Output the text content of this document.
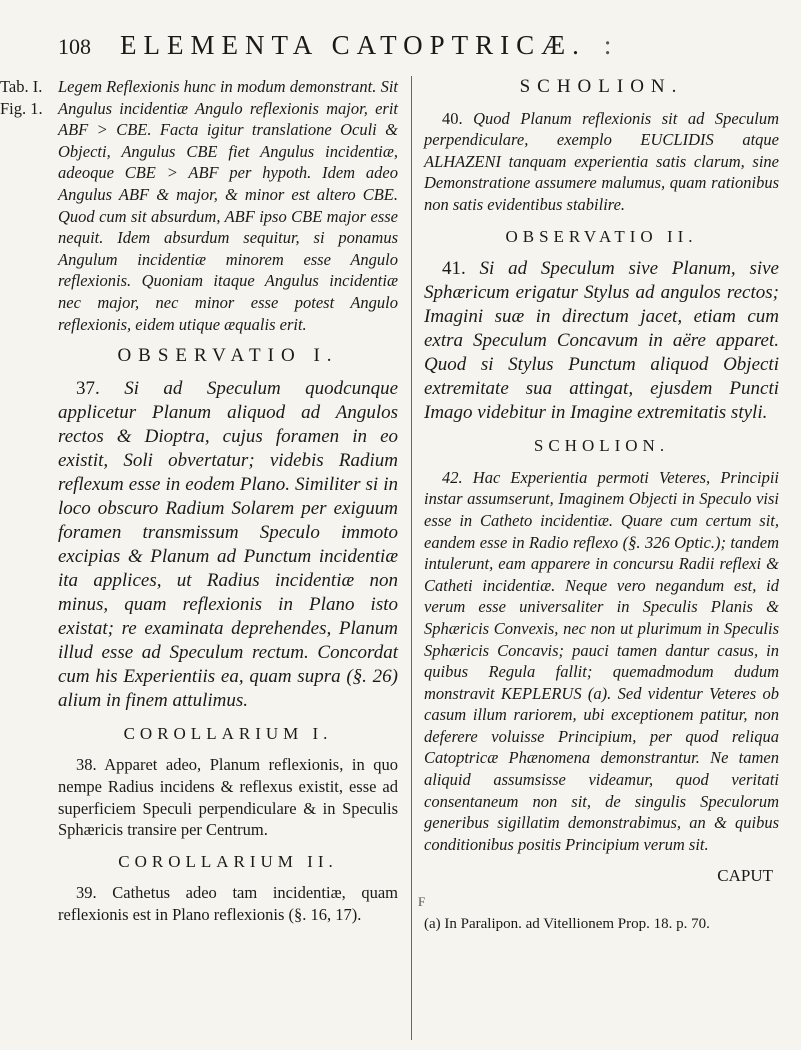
108 ELEMENTA CATOPTRICÆ. :
Tab. I.
Fig. 1.

Legem Reflexionis hunc in modum demonstrant. Sit Angulus incidentiæ Angulo reflexionis major, erit ABF > CBE. Facta igitur translatione Oculi & Objecti, Angulus CBE fiet Angulus incidentiæ, adeoque CBE > ABF per hypoth. Idem adeo Angulus ABF & major, & minor est altero CBE. Quod cum sit absurdum, ABF ipso CBE major esse nequit. Idem absurdum sequitur, si ponamus Angulum incidentiæ minorem esse Angulo reflexionis. Quoniam itaque Angulus incidentiæ nec major, nec minor esse potest Angulo reflexionis, eidem utique æqualis erit.

OBSERVATIO I.

37. Si ad Speculum quodcunque applicetur Planum aliquod ad Angulos rectos & Dioptra, cujus foramen in eo existit, Soli obvertatur; videbis Radium reflexum esse in eodem Plano. Similiter si in loco obscuro Radium Solarem per exiguum foramen transmissum Speculo immoto excipias & Planum ad Punctum incidentiæ ita applices, ut Radius incidentiæ non minus, quam reflexionis in Plano isto existat; re examinata deprehendes, Planum illud esse ad Speculum rectum. Concordat cum his Experientiis ea, quam supra (§. 26) alium in finem attulimus.

COROLLARIUM I.

38. Apparet adeo, Planum reflexionis, in quo nempe Radius incidens & reflexus existit, esse ad superficiem Speculi perpendiculare & in Speculis Sphæricis transire per Centrum.

COROLLARIUM II.

39. Cathetus adeo tam incidentiæ, quam reflexionis est in Plano reflexionis (§. 16, 17).

SCHOLION.

40. Quod Planum reflexionis sit ad Speculum perpendiculare, exemplo EUCLIDIS atque ALHAZENI tanquam experientia satis clarum, sine Demonstratione assumere malumus, quam rationibus non satis evidentibus stabilire.

OBSERVATIO II.

41. Si ad Speculum sive Planum, sive Sphæricum erigatur Stylus ad angulos rectos; Imagini suæ in directum jacet, etiam cum extra Speculum Concavum in aëre apparet. Quod si Stylus Punctum aliquod Objecti extremitate sua attingat, ejusdem Puncti Imago videbitur in Imagine extremitatis styli.

SCHOLION.

42. Hac Experientia permoti Veteres, Principii instar assumserunt, Imaginem Objecti in Speculo visi esse in Catheto incidentiæ. Quare cum certum sit, eandem esse in Radio reflexo (§. 326 Optic.); tandem intulerunt, eam apparere in concursu Radii reflexi & Catheti incidentiæ. Neque vero negandum est, id verum esse universaliter in Speculis Planis & Sphæricis Convexis, nec non ut plurimum in Speculis Sphæricis Concavis; pauci tamen dantur casus, in quibus Regula fallit; quemadmodum dudum monstravit KEPLERUS (a). Sed videntur Veteres ob casum illum rariorem, ubi exceptionem patitur, non deferere voluisse Principium, per quod reliqua Catoptricæ Phænomena demonstrantur. Ne tamen aliquid assumsisse videamur, quod veritati consentaneum non sit, de singulis Speculorum generibus sigillatim demonstrabimus, an & quibus conditionibus positis Principium verum sit.

CAPUT
F
(a) In Paralipon. ad Vitellionem Prop. 18. p. 70.
